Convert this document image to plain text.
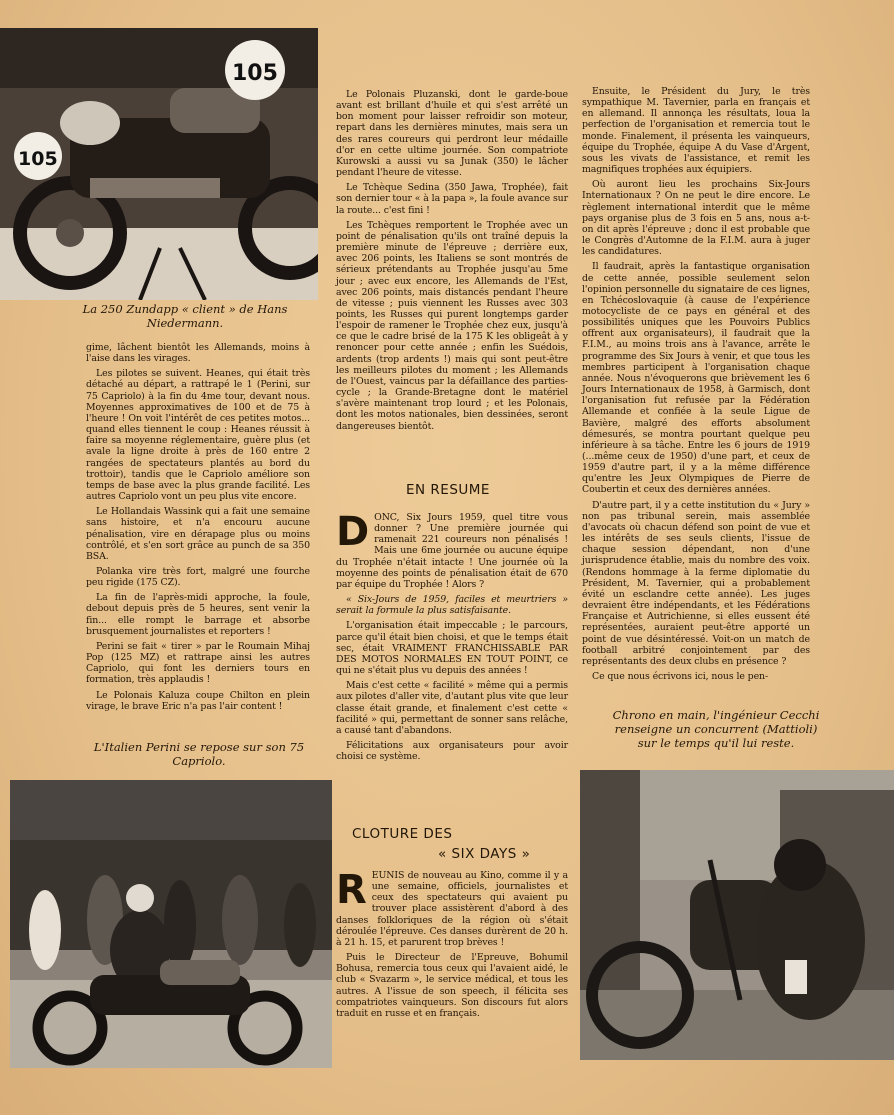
105
105
La 250 Zundapp « client » de Hans Niedermann.

gime, lâchent bientôt les Allemands, moins à l'aise dans les virages.

Les pilotes se suivent. Heanes, qui était très détaché au départ, a rattrapé le 1 (Perini, sur 75 Capriolo) à la fin du 4me tour, devant nous. Moyennes approximatives de 100 et de 75 à l'heure ! On voit l'intérêt de ces petites motos... quand elles tiennent le coup : Heanes réussit à faire sa moyenne réglementaire, guère plus (et avale la ligne droite à près de 160 entre 2 rangées de spectateurs plantés au bord du trottoir), tandis que le Capriolo améliore son temps de base avec la plus grande facilité. Les autres Capriolo vont un peu plus vite encore.

Le Hollandais Wassink qui a fait une semaine sans histoire, et n'a encouru aucune pénalisation, vire en dérapage plus ou moins contrôlé, et s'en sort grâce au punch de sa 350 BSA.

Polanka vire très fort, malgré une fourche peu rigide (175 CZ).

La fin de l'après-midi approche, la foule, debout depuis près de 5 heures, sent venir la fin... elle rompt le barrage et absorbe brusquement journalistes et reporters !

Perini se fait « tirer » par le Roumain Mihaj Pop (125 MZ) et rattrape ainsi les autres Capriolo, qui font les derniers tours en formation, très applaudis !

Le Polonais Kaluza coupe Chilton en plein virage, le brave Eric n'a pas l'air content !

L'Italien Perini se repose sur son 75 Capriolo.

Le Polonais Pluzanski, dont le garde-boue avant est brillant d'huile et qui s'est arrêté un bon moment pour laisser refroidir son moteur, repart dans les dernières minutes, mais sera un des rares coureurs qui perdront leur médaille d'or en cette ultime journée. Son compatriote Kurowski a aussi vu sa Junak (350) le lâcher pendant l'heure de vitesse.

Le Tchèque Sedina (350 Jawa, Trophée), fait son dernier tour « à la papa », la foule avance sur la route... c'est fini !

Les Tchèques remportent le Trophée avec un point de pénalisation qu'ils ont traîné depuis la première minute de l'épreuve ; derrière eux, avec 206 points, les Italiens se sont montrés de sérieux prétendants au Trophée jusqu'au 5me jour ; avec eux encore, les Allemands de l'Est, avec 206 points, mais distancés pendant l'heure de vitesse ; puis viennent les Russes avec 303 points, les Russes qui purent longtemps garder l'espoir de ramener le Trophée chez eux, jusqu'à ce que le cadre brisé de la 175 K les obligeât à y renoncer pour cette année ; enfin les Suédois, ardents (trop ardents !) mais qui sont peut-être les meilleurs pilotes du moment ; les Allemands de l'Ouest, vaincus par la défaillance des parties-cycle ; la Grande-Bretagne dont le matériel s'avère maintenant trop lourd ; et les Polonais, dont les motos nationales, bien dessinées, seront dangereuses bientôt.

EN RESUME

DONC, Six Jours 1959, quel titre vous donner ? Une première journée qui ramenait 221 coureurs non pénalisés ! Mais une 6me journée ou aucune équipe du Trophée n'était intacte ! Une journée où la moyenne des points de pénalisation était de 670 par équipe du Trophée ! Alors ?

« Six-Jours de 1959, faciles et meurtriers » serait la formule la plus satisfaisante.

L'organisation était impeccable ; le parcours, parce qu'il était bien choisi, et que le temps était sec, était VRAIMENT FRANCHISSABLE PAR DES MOTOS NORMALES EN TOUT POINT, ce qui ne s'était plus vu depuis des années !

Mais c'est cette « facilité » même qui a permis aux pilotes d'aller vite, d'autant plus vite que leur classe était grande, et finalement c'est cette « facilité » qui, permettant de sonner sans relâche, a causé tant d'abandons.

Félicitations aux organisateurs pour avoir choisi ce système.

CLOTURE DES
« SIX DAYS »

REUNIS de nouveau au Kino, comme il y a une semaine, officiels, journalistes et ceux des spectateurs qui avaient pu trouver place assistèrent d'abord à des danses folkloriques de la région où s'était déroulée l'épreuve. Ces danses durèrent de 20 h. à 21 h. 15, et parurent trop brèves !

Puis le Directeur de l'Epreuve, Bohumil Bohusa, remercia tous ceux qui l'avaient aidé, le club « Svazarm », le service médical, et tous les autres. A l'issue de son speech, il félicita ses compatriotes vainqueurs. Son discours fut alors traduit en russe et en français.

Ensuite, le Président du Jury, le très sympathique M. Tavernier, parla en français et en allemand. Il annonça les résultats, loua la perfection de l'organisation et remercia tout le monde. Finalement, il présenta les vainqueurs, équipe du Trophée, équipe A du Vase d'Argent, sous les vivats de l'assistance, et remit les magnifiques trophées aux équipiers.

Où auront lieu les prochains Six-Jours Internationaux ? On ne peut le dire encore. Le règlement international interdit que le même pays organise plus de 3 fois en 5 ans, nous a-t-on dit après l'épreuve ; donc il est probable que le Congrès d'Automne de la F.I.M. aura à juger les candidatures.

Il faudrait, après la fantastique organisation de cette année, possible seulement selon l'opinion personnelle du signataire de ces lignes, en Tchécoslovaquie (à cause de l'expérience motocycliste de ce pays en général et des possibilités uniques que les Pouvoirs Publics offrent aux organisateurs), il faudrait que la F.I.M., au moins trois ans à l'avance, arrête le programme des Six Jours à venir, et que tous les membres participent à l'organisation chaque année. Nous n'évoquerons que brièvement les 6 Jours Internationaux de 1958, à Garmisch, dont l'organisation fut refusée par la Fédération Allemande et confiée à la seule Ligue de Bavière, malgré des efforts absolument démesurés, se montra pourtant quelque peu inférieure à sa tâche. Entre les 6 jours de 1919 (...même ceux de 1950) d'une part, et ceux de 1959 d'autre part, il y a la même différence qu'entre les Jeux Olympiques de Pierre de Coubertin et ceux des dernières années.

D'autre part, il y a cette institution du « Jury » non pas tribunal serein, mais assemblée d'avocats où chacun défend son point de vue et les intérêts de ses seuls clients, l'issue de chaque session dépendant, non d'une jurisprudence établie, mais du nombre des voix. (Rendons hommage à la ferme diplomatie du Président, M. Tavernier, qui a probablement évité un esclandre cette année). Les juges devraient être indépendants, et les Fédérations Française et Autrichienne, si elles eussent été représentées, auraient peut-être apporté un point de vue désintéressé. Voit-on un match de football arbitré conjointement par des représentants des deux clubs en présence ?

Ce que nous écrivons ici, nous le pen-

Chrono en main, l'ingénieur Cecchi renseigne un concurrent (Mattioli) sur le temps qu'il lui reste.
